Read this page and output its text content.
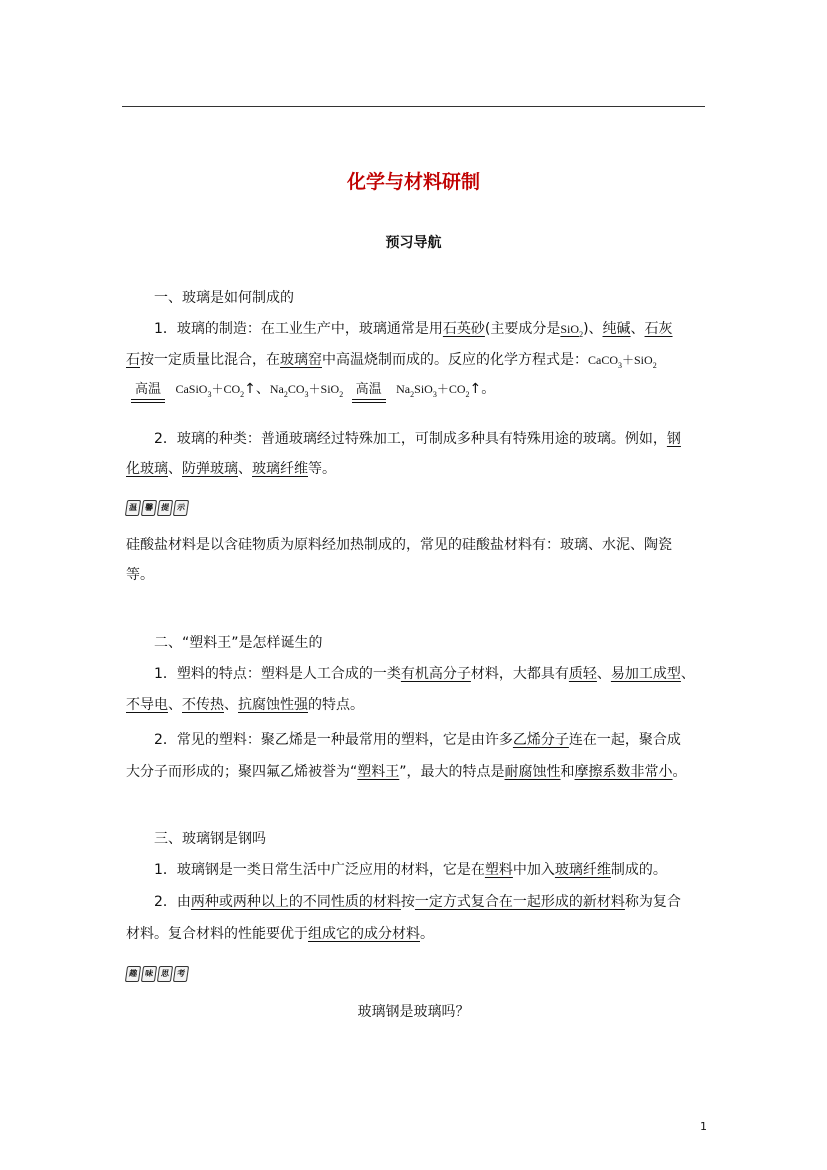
化学与材料研制
预习导航
一、玻璃是如何制成的
1．玻璃的制造：在工业生产中，玻璃通常是用石英砂(主要成分是SiO$_2$)、纯碱、石灰
石按一定质量比混合，在玻璃窑中高温烧制而成的。反应的化学方程式是：CaCO$_3$＋SiO$_2$
高温	$CaSiO_3+CO_2↑$、$Na_2CO_3+SiO_2$ 高温	$Na_2SiO_3+CO_2↑$。
2．玻璃的种类：普通玻璃经过特殊加工，可制成多种具有特殊用途的玻璃。例如，钢
化玻璃、防弹玻璃、玻璃纤维等。
温 馨 提 示
硅酸盐材料是以含硅物质为原料经加热制成的，常见的硅酸盐材料有：玻璃、水泥、陶瓷
等。
二、“塑料王”是怎样诞生的
1．塑料的特点：塑料是人工合成的一类有机高分子材料，大都具有质轻、易加工成型、
不导电、不传热、抗腐蚀性强的特点。
2．常见的塑料：聚乙烯是一种最常用的塑料，它是由许多乙烯分子连在一起，聚合成
大分子而形成的；聚四氟乙烯被誉为“塑料王”，最大的特点是耐腐蚀性和摩擦系数非常小。
三、玻璃钢是钢吗
1．玻璃钢是一类日常生活中广泛应用的材料，它是在塑料中加入玻璃纤维制成的。
2．由两种或两种以上的不同性质的材料按一定方式复合在一起形成的新材料称为复合
材料。复合材料的性能要优于组成它的成分材料。
趣 味 思 考
玻璃钢是玻璃吗？
1
